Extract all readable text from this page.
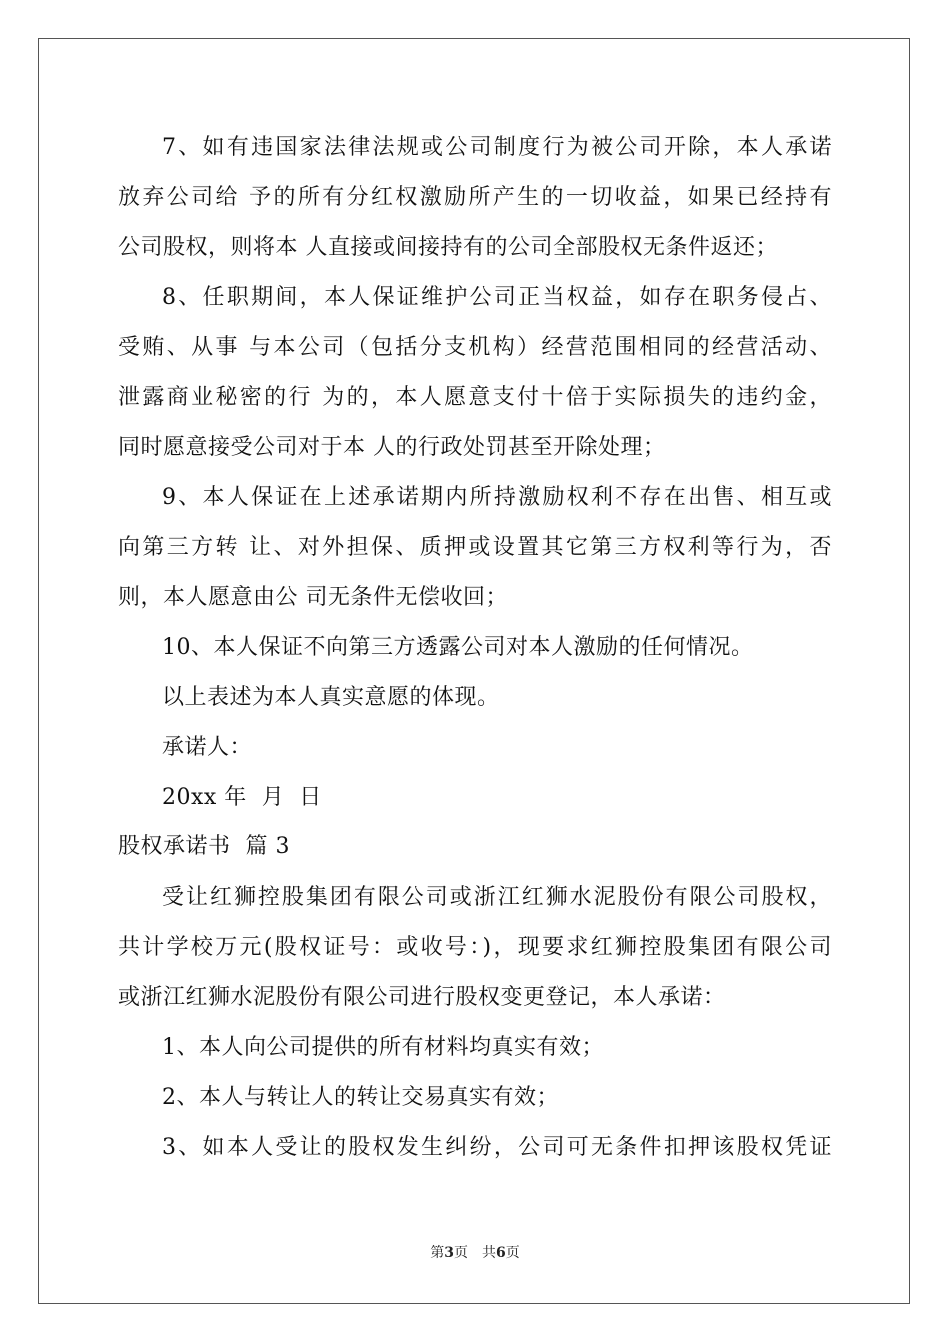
7、如有违国家法律法规或公司制度行为被公司开除，本人承诺
放弃公司给 予的所有分红权激励所产生的一切收益，如果已经持有
公司股权，则将本 人直接或间接持有的公司全部股权无条件返还；
8、任职期间，本人保证维护公司正当权益，如存在职务侵占、
受贿、从事 与本公司（包括分支机构）经营范围相同的经营活动、
泄露商业秘密的行 为的，本人愿意支付十倍于实际损失的违约金，
同时愿意接受公司对于本 人的行政处罚甚至开除处理；
9、本人保证在上述承诺期内所持激励权利不存在出售、相互或
向第三方转 让、对外担保、质押或设置其它第三方权利等行为，否
则，本人愿意由公 司无条件无偿收回；
10、本人保证不向第三方透露公司对本人激励的任何情况。
以上表述为本人真实意愿的体现。
承诺人：
20xx 年  月  日
股权承诺书  篇 3
受让红狮控股集团有限公司或浙江红狮水泥股份有限公司股权，
共计学校万元(股权证号：或收号：)，现要求红狮控股集团有限公司
或浙江红狮水泥股份有限公司进行股权变更登记，本人承诺：
1、本人向公司提供的所有材料均真实有效；
2、本人与转让人的转让交易真实有效；
3、如本人受让的股权发生纠纷，公司可无条件扣押该股权凭证
第3页　共6页
